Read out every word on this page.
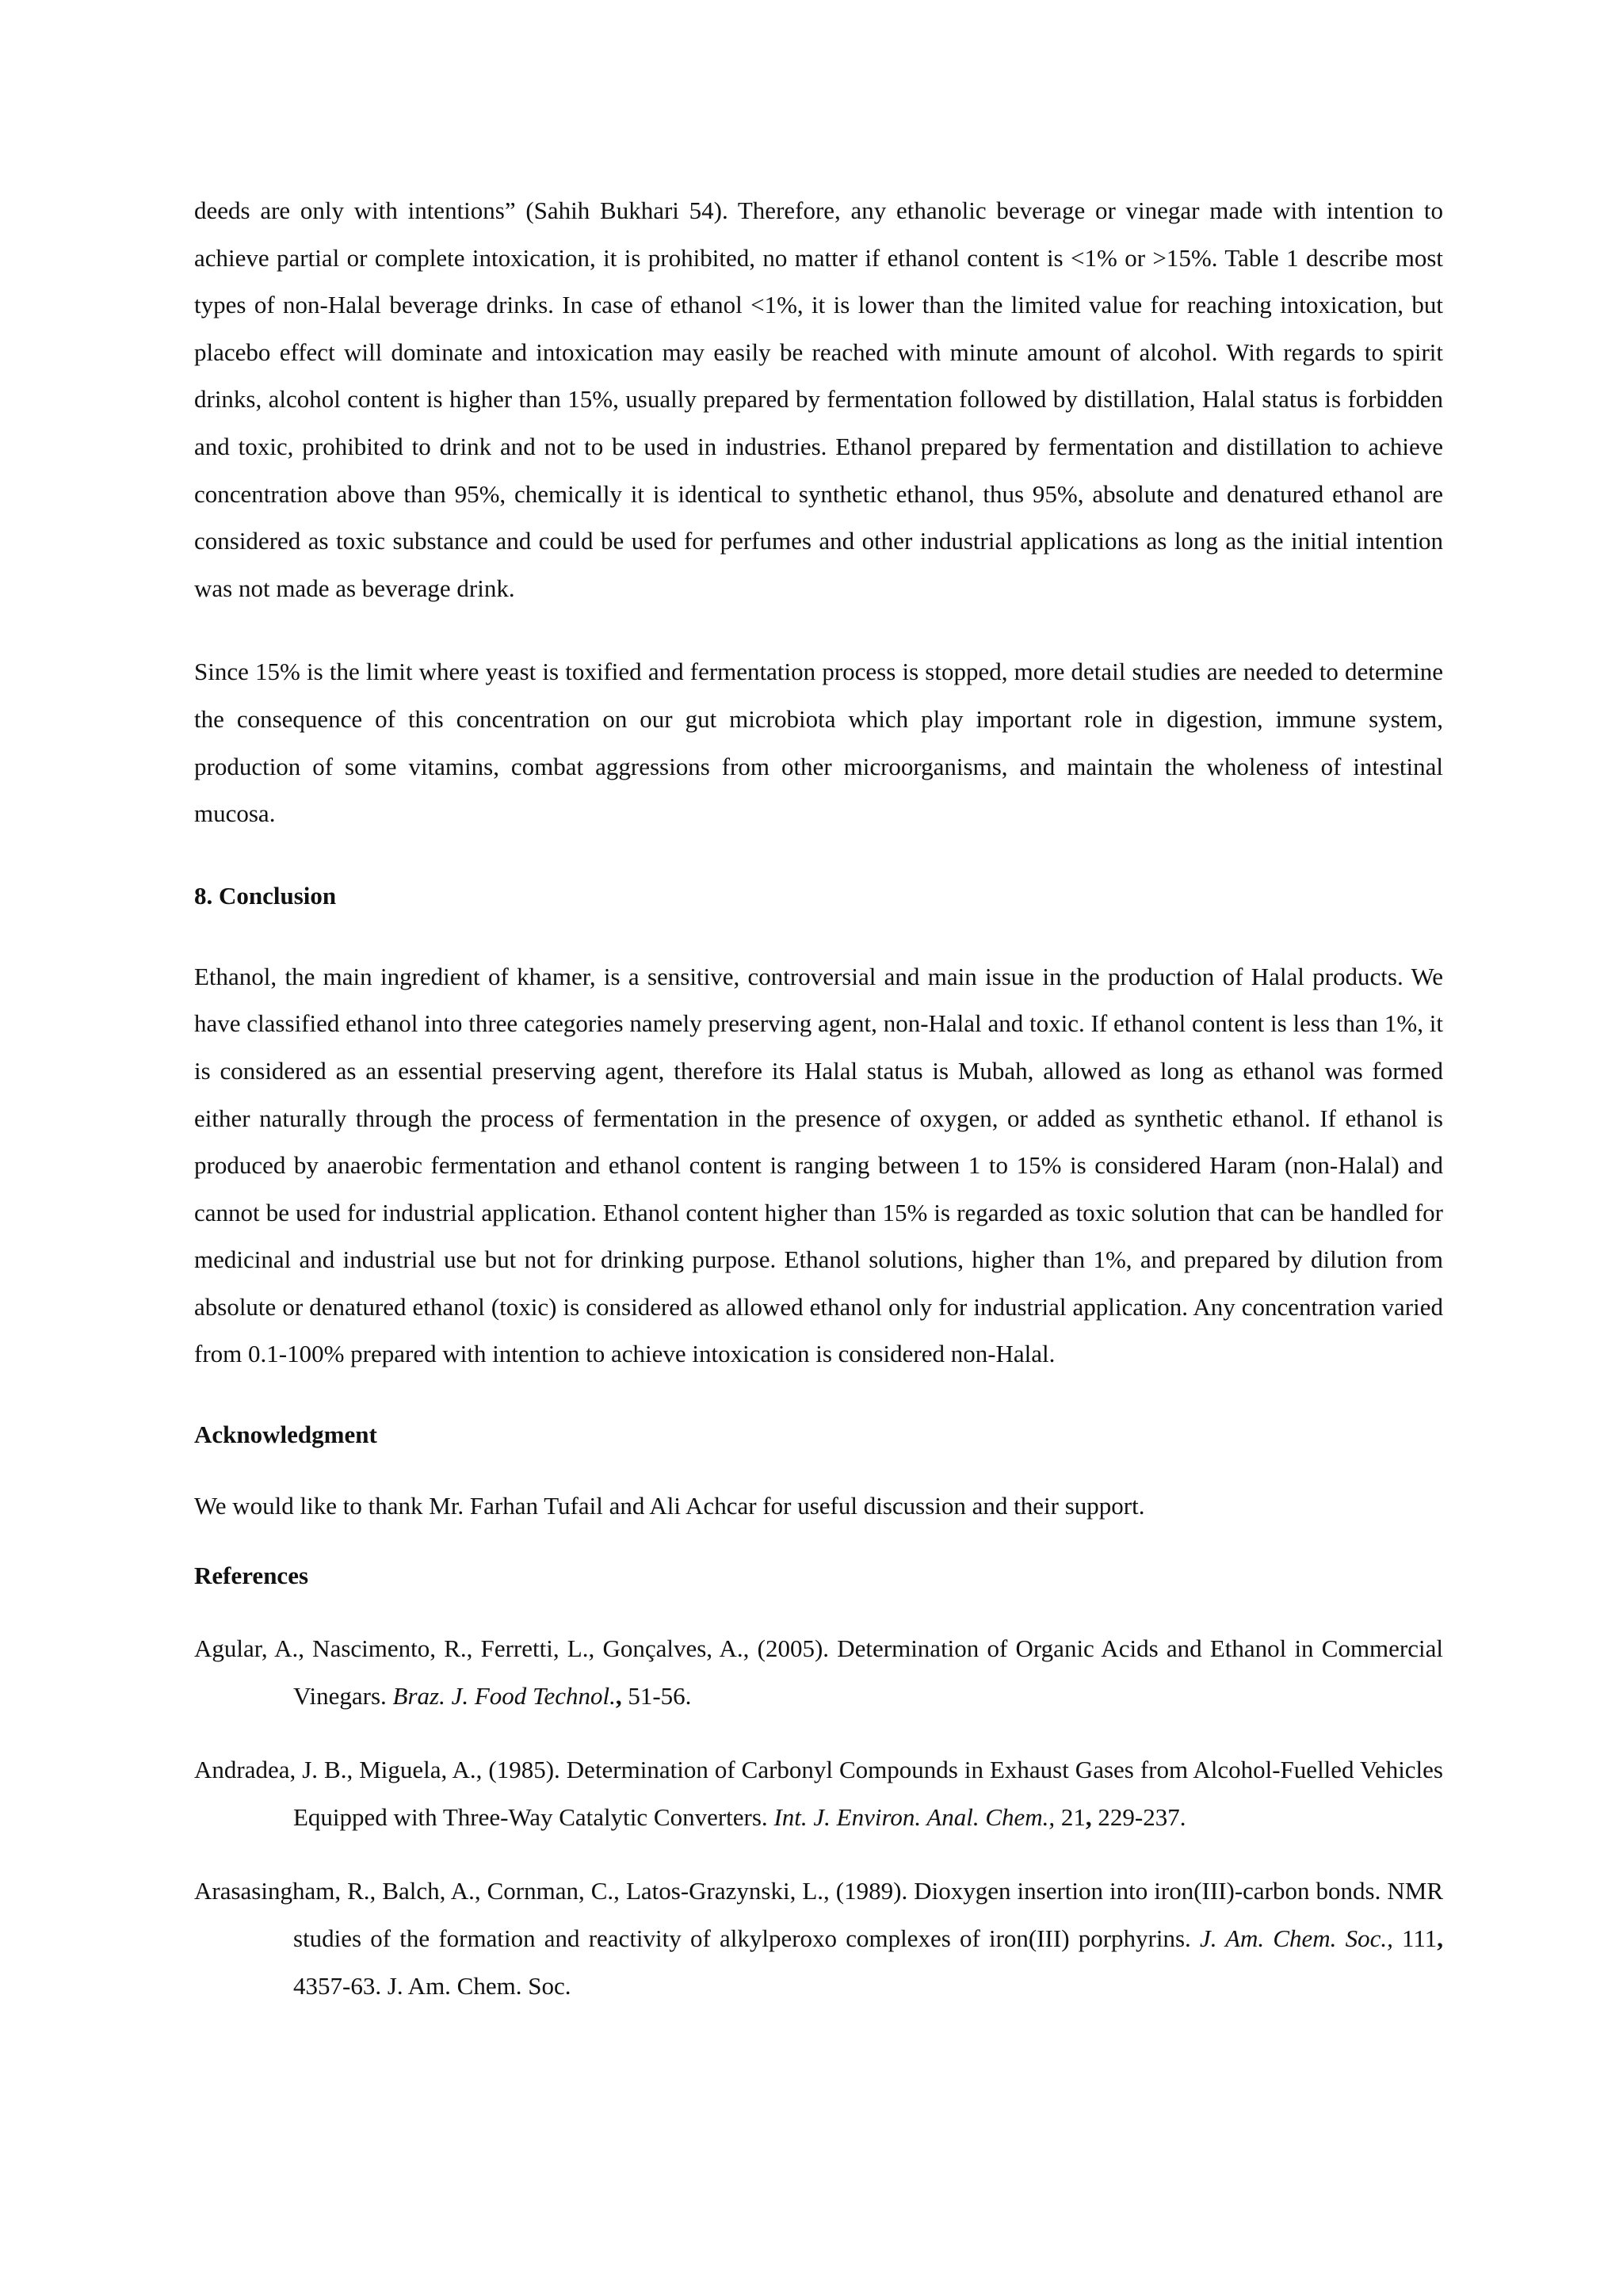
deeds are only with intentions” (Sahih Bukhari 54). Therefore, any ethanolic beverage or vinegar made with intention to achieve partial or complete intoxication, it is prohibited, no matter if ethanol content is <1% or >15%. Table 1 describe most types of non-Halal beverage drinks. In case of ethanol <1%, it is lower than the limited value for reaching intoxication, but placebo effect will dominate and intoxication may easily be reached with minute amount of alcohol. With regards to spirit drinks, alcohol content is higher than 15%, usually prepared by fermentation followed by distillation, Halal status is forbidden and toxic, prohibited to drink and not to be used in industries. Ethanol prepared by fermentation and distillation to achieve concentration above than 95%, chemically it is identical to synthetic ethanol, thus 95%, absolute and denatured ethanol are considered as toxic substance and could be used for perfumes and other industrial applications as long as the initial intention was not made as beverage drink.

Since 15% is the limit where yeast is toxified and fermentation process is stopped, more detail studies are needed to determine the consequence of this concentration on our gut microbiota which play important role in digestion, immune system, production of some vitamins, combat aggressions from other microorganisms, and maintain the wholeness of intestinal mucosa.

8. Conclusion

Ethanol, the main ingredient of khamer, is a sensitive, controversial and main issue in the production of Halal products. We have classified ethanol into three categories namely preserving agent, non-Halal and toxic. If ethanol content is less than 1%, it is considered as an essential preserving agent, therefore its Halal status is Mubah, allowed as long as ethanol was formed either naturally through the process of fermentation in the presence of oxygen, or added as synthetic ethanol. If ethanol is produced by anaerobic fermentation and ethanol content is ranging between 1 to 15% is considered Haram (non-Halal) and cannot be used for industrial application. Ethanol content higher than 15% is regarded as toxic solution that can be handled for medicinal and industrial use but not for drinking purpose. Ethanol solutions, higher than 1%, and prepared by dilution from absolute or denatured ethanol (toxic) is considered as allowed ethanol only for industrial application. Any concentration varied from 0.1-100% prepared with intention to achieve intoxication is considered non-Halal.

Acknowledgment

We would like to thank Mr. Farhan Tufail and Ali Achcar for useful discussion and their support.

References

Agular, A., Nascimento, R., Ferretti, L., Gonçalves, A., (2005). Determination of Organic Acids and Ethanol in Commercial Vinegars. Braz. J. Food Technol., 51-56.

Andradea, J. B., Miguela, A., (1985). Determination of Carbonyl Compounds in Exhaust Gases from Alcohol-Fuelled Vehicles Equipped with Three-Way Catalytic Converters. Int. J. Environ. Anal. Chem., 21, 229-237.

Arasasingham, R., Balch, A., Cornman, C., Latos-Grazynski, L., (1989). Dioxygen insertion into iron(III)-carbon bonds. NMR studies of the formation and reactivity of alkylperoxo complexes of iron(III) porphyrins. J. Am. Chem. Soc., 111, 4357-63. J. Am. Chem. Soc.
